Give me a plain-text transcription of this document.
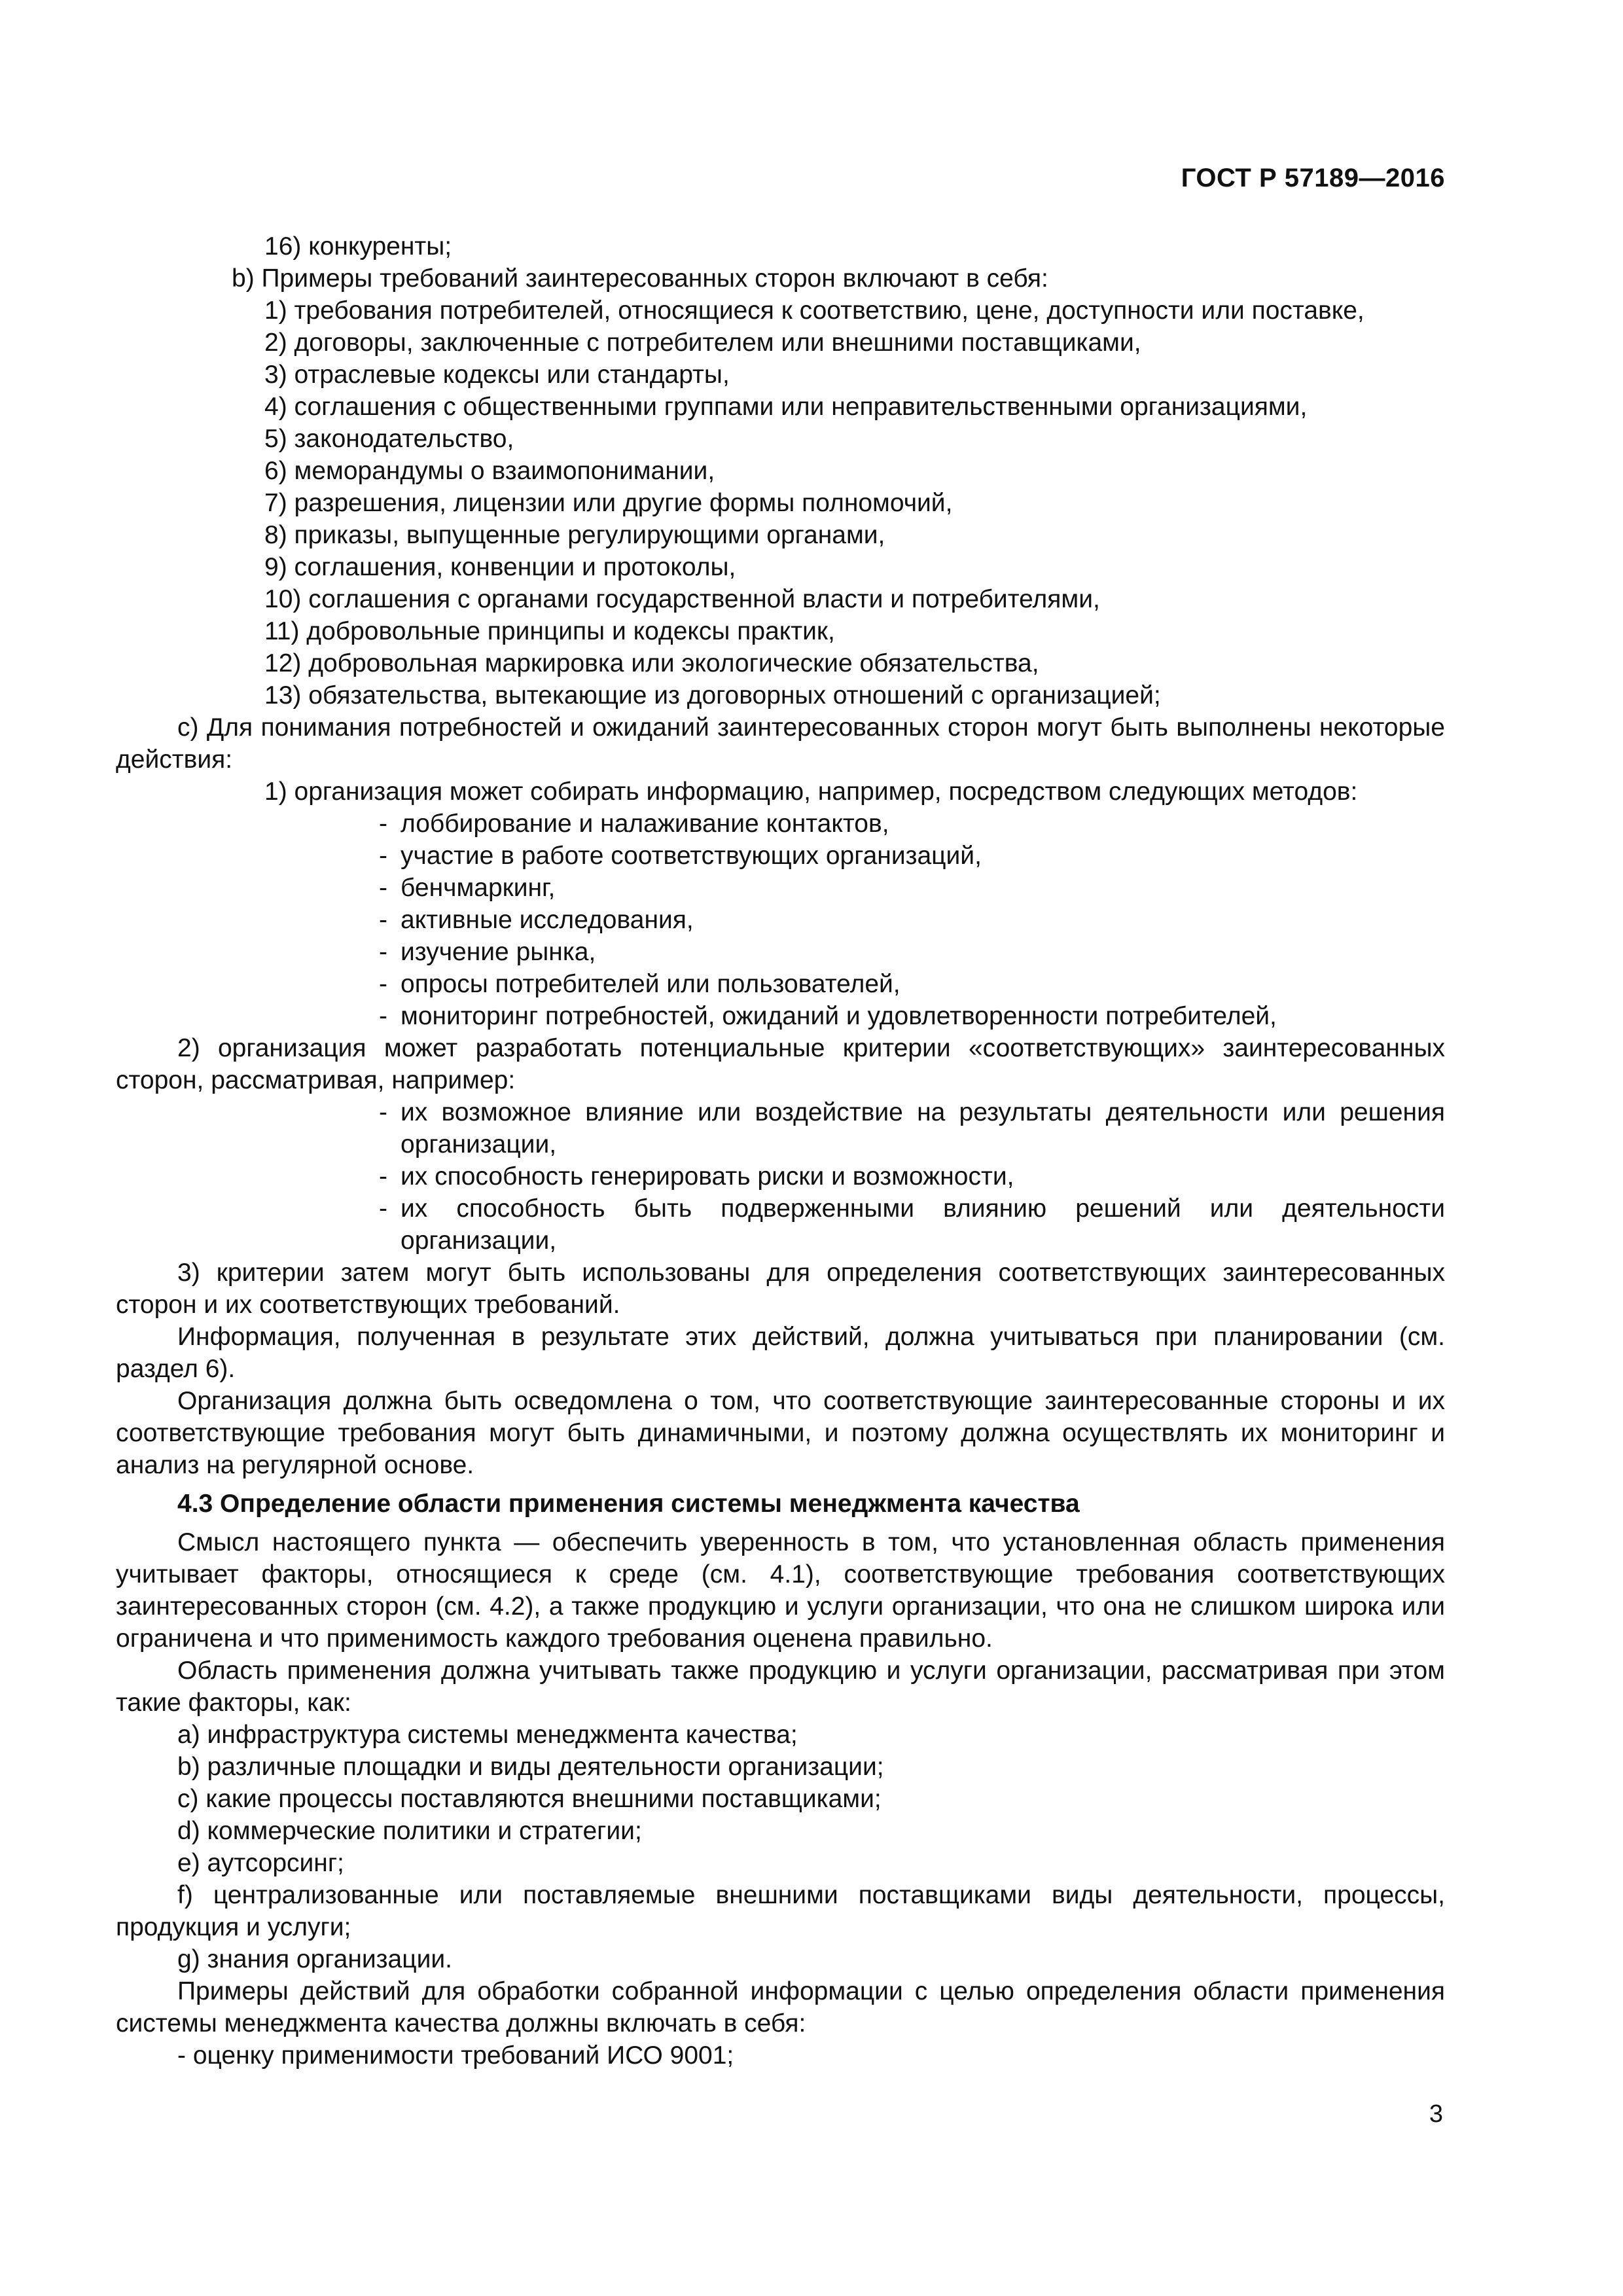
ГОСТ Р 57189—2016
16) конкуренты;
b) Примеры требований заинтересованных сторон включают в себя:
1) требования потребителей, относящиеся к соответствию, цене, доступности или поставке,
2) договоры, заключенные с потребителем или внешними поставщиками,
3) отраслевые кодексы или стандарты,
4) соглашения с общественными группами или неправительственными организациями,
5) законодательство,
6) меморандумы о взаимопонимании,
7) разрешения, лицензии или другие формы полномочий,
8) приказы, выпущенные регулирующими органами,
9) соглашения, конвенции и протоколы,
10) соглашения с органами государственной власти и потребителями,
11) добровольные принципы и кодексы практик,
12) добровольная маркировка или экологические обязательства,
13) обязательства, вытекающие из договорных отношений с организацией;
c) Для понимания потребностей и ожиданий заинтересованных сторон могут быть выполнены некоторые действия:
1) организация может собирать информацию, например, посредством следующих методов:
- лоббирование и налаживание контактов,
- участие в работе соответствующих организаций,
- бенчмаркинг,
- активные исследования,
- изучение рынка,
- опросы потребителей или пользователей,
- мониторинг потребностей, ожиданий и удовлетворенности потребителей,
2) организация может разработать потенциальные критерии «соответствующих» заинтересованных сторон, рассматривая, например:
- их возможное влияние или воздействие на результаты деятельности или решения организации,
- их способность генерировать риски и возможности,
- их способность быть подверженными влиянию решений или деятельности организации,
3) критерии затем могут быть использованы для определения соответствующих заинтересованных сторон и их соответствующих требований.
Информация, полученная в результате этих действий, должна учитываться при планировании (см. раздел 6).
Организация должна быть осведомлена о том, что соответствующие заинтересованные стороны и их соответствующие требования могут быть динамичными, и поэтому должна осуществлять их мониторинг и анализ на регулярной основе.
4.3 Определение области применения системы менеджмента качества
Смысл настоящего пункта — обеспечить уверенность в том, что установленная область применения учитывает факторы, относящиеся к среде (см. 4.1), соответствующие требования соответствующих заинтересованных сторон (см. 4.2), а также продукцию и услуги организации, что она не слишком широка или ограничена и что применимость каждого требования оценена правильно.
Область применения должна учитывать также продукцию и услуги организации, рассматривая при этом такие факторы, как:
a) инфраструктура системы менеджмента качества;
b) различные площадки и виды деятельности организации;
c) какие процессы поставляются внешними поставщиками;
d) коммерческие политики и стратегии;
e) аутсорсинг;
f) централизованные или поставляемые внешними поставщиками виды деятельности, процессы, продукция и услуги;
g) знания организации.
Примеры действий для обработки собранной информации с целью определения области применения системы менеджмента качества должны включать в себя:
- оценку применимости требований ИСО 9001;
3
